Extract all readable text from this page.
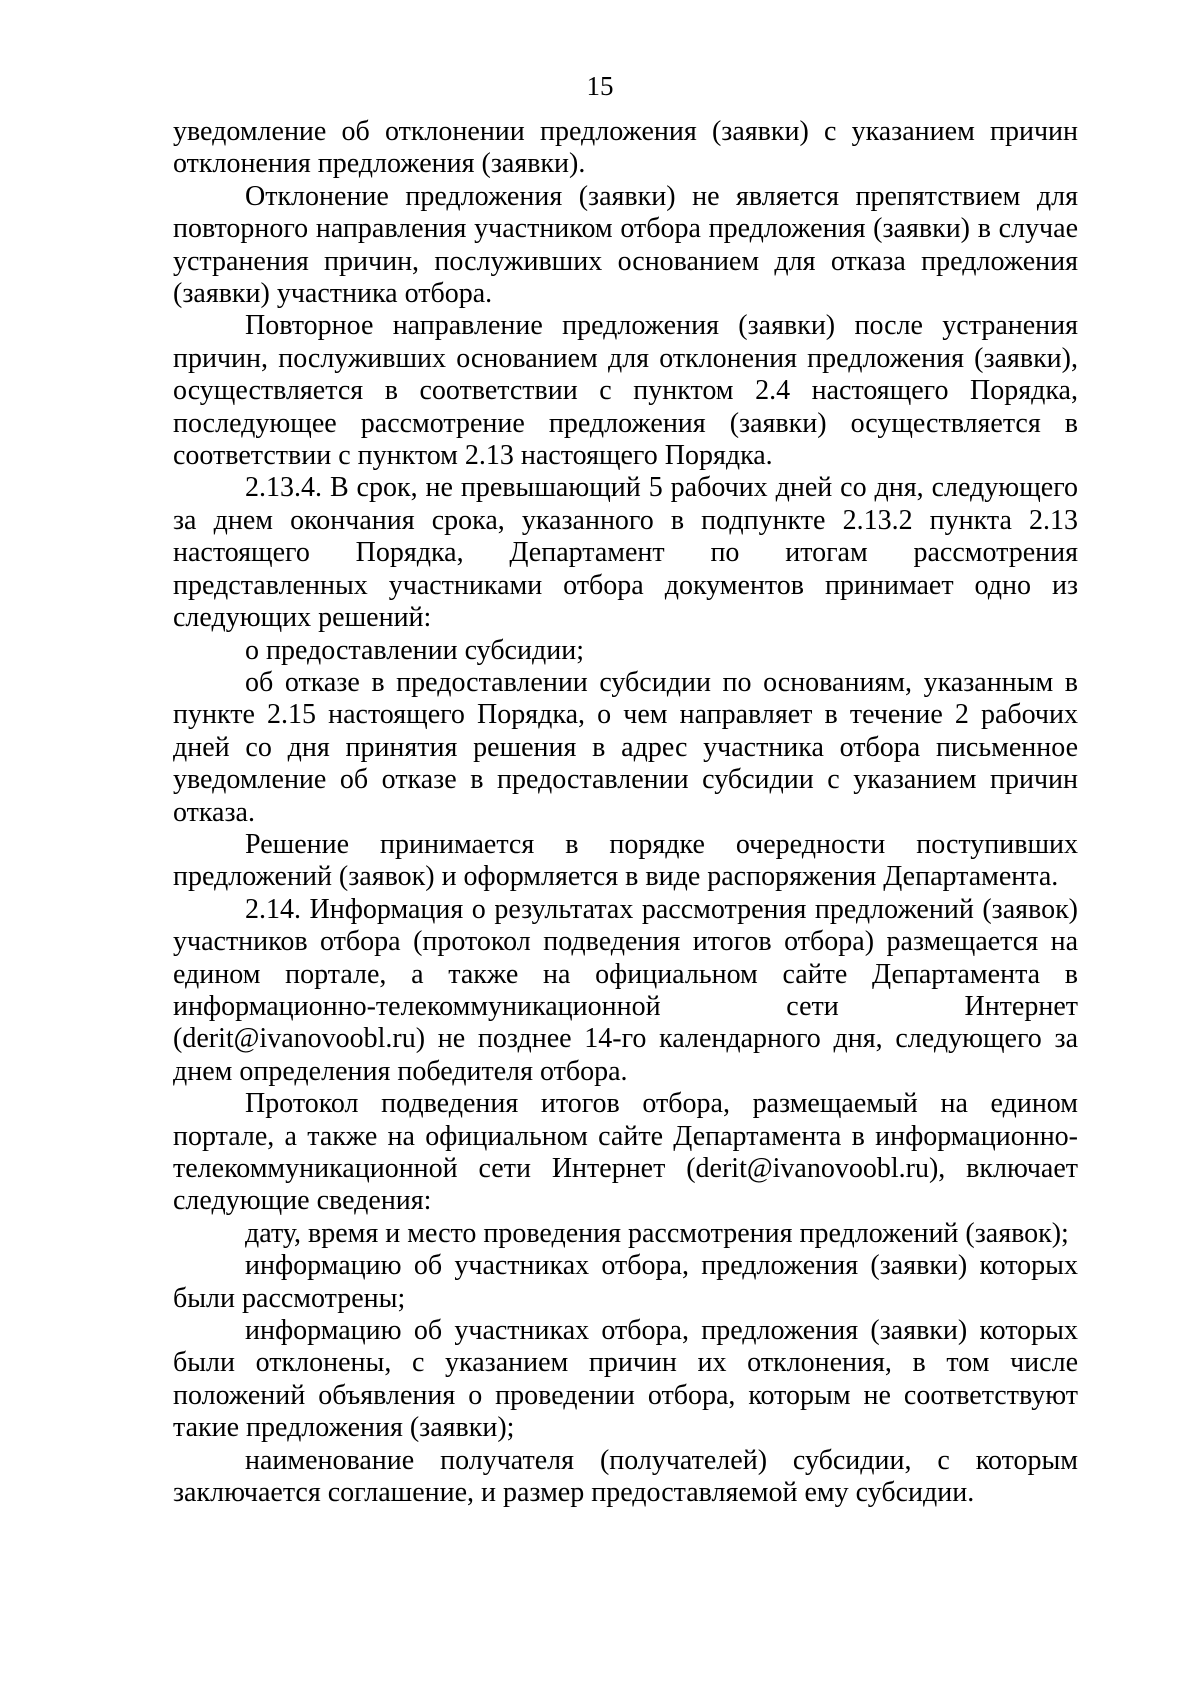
15

уведомление об отклонении предложения (заявки) с указанием причин отклонения предложения (заявки).

Отклонение предложения (заявки) не является препятствием для повторного направления участником отбора предложения (заявки) в случае устранения причин, послуживших основанием для отказа предложения (заявки) участника отбора.

Повторное направление предложения (заявки) после устранения причин, послуживших основанием для отклонения предложения (заявки), осуществляется в соответствии с пунктом 2.4 настоящего Порядка, последующее рассмотрение предложения (заявки) осуществляется в соответствии с пунктом 2.13 настоящего Порядка.

2.13.4. В срок, не превышающий 5 рабочих дней со дня, следующего за днем окончания срока, указанного в подпункте 2.13.2 пункта 2.13 настоящего Порядка, Департамент по итогам рассмотрения представленных участниками отбора документов принимает одно из следующих решений:

о предоставлении субсидии;

об отказе в предоставлении субсидии по основаниям, указанным в пункте 2.15 настоящего Порядка, о чем направляет в течение 2 рабочих дней со дня принятия решения в адрес участника отбора письменное уведомление об отказе в предоставлении субсидии с указанием причин отказа.

Решение принимается в порядке очередности поступивших предложений (заявок) и оформляется в виде распоряжения Департамента.

2.14. Информация о результатах рассмотрения предложений (заявок) участников отбора (протокол подведения итогов отбора) размещается на едином портале, а также на официальном сайте Департамента в информационно-телекоммуникационной сети Интернет (derit@ivanovoobl.ru) не позднее 14-го календарного дня, следующего за днем определения победителя отбора.

Протокол подведения итогов отбора, размещаемый на едином портале, а также на официальном сайте Департамента в информационно-телекоммуникационной сети Интернет (derit@ivanovoobl.ru), включает следующие сведения:

дату, время и место проведения рассмотрения предложений (заявок);

информацию об участниках отбора, предложения (заявки) которых были рассмотрены;

информацию об участниках отбора, предложения (заявки) которых были отклонены, с указанием причин их отклонения, в том числе положений объявления о проведении отбора, которым не соответствуют такие предложения (заявки);

наименование получателя (получателей) субсидии, с которым заключается соглашение, и размер предоставляемой ему субсидии.
